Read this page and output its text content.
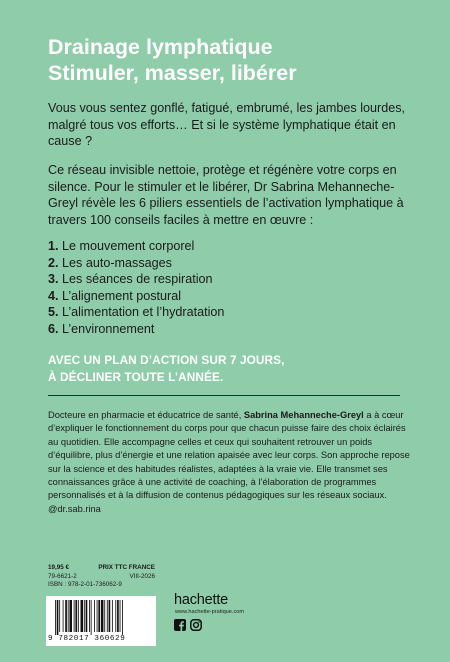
Drainage lymphatique
Stimuler, masser, libérer
Vous vous sentez gonflé, fatigué, embrumé, les jambes lourdes, malgré tous vos efforts… Et si le système lymphatique était en cause ?
Ce réseau invisible nettoie, protège et régénère votre corps en silence. Pour le stimuler et le libérer, Dr Sabrina Mehanneche-Greyl révèle les 6 piliers essentiels de l’activation lymphatique à travers 100 conseils faciles à mettre en œuvre :
1. Le mouvement corporel
2. Les auto-massages
3. Les séances de respiration
4. L’alignement postural
5. L’alimentation et l’hydratation
6. L’environnement
AVEC UN PLAN D’ACTION SUR 7 JOURS,
À DÉCLINER TOUTE L’ANNÉE.
Docteure en pharmacie et éducatrice de santé, Sabrina Mehanneche-Greyl a à cœur d’expliquer le fonctionnement du corps pour que chacun puisse faire des choix éclairés au quotidien. Elle accompagne celles et ceux qui souhaitent retrouver un poids d’équilibre, plus d’énergie et une relation apaisée avec leur corps. Son approche repose sur la science et des habitudes réalistes, adaptées à la vraie vie. Elle transmet ses connaissances grâce à une activité de coaching, à l’élaboration de programmes personnalisés et à la diffusion de contenus pédagogiques sur les réseaux sociaux.
@dr.sab.rina
19,95 €	PRIX TTC FRANCE
79-6621-2	VIII-2026
ISBN : 978-2-01-736062-9
9 782017 360629
hachette
www.hachette-pratique.com
